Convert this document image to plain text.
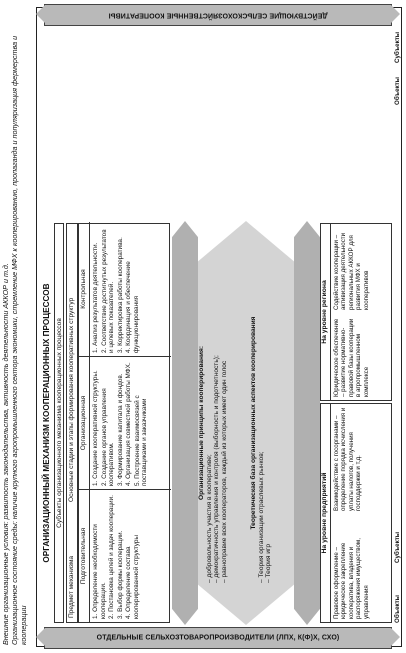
Внешние организационные условия: развитость законодательства, активность деятельности АККОР и т.д. Организационное состояние среды: наличие крупного агропромышленного сектора экономики, стремление МФХ к кооперированию, пропаганда и популяризация фермерства и кооперации	ОТДЕЛЬНЫЕ СЕЛЬХОЗТОВАРОПРОИЗВОДИТЕЛИ (ЛПХ, К(Ф)Х, СХО)
ДЕЙСТВУЮЩИЕ СЕЛЬСКОХОЗЯЙСТВЕННЫЕ КООПЕРАТИВЫ
ОРГАНИЗАЦИОННЫЙ МЕХАНИЗМ КООПЕРАЦИОННЫХ ПРОЦЕССОВ Субъекты организационного механизма кооперационных процессов
Предмет механизма
Основные стадии и этапы формирования кооперативных структур
Подготовительная 1. Определение необходимости кооперации. 2. Постановка целей и задач кооперации. 3. Выбор формы кооперации. 4. Определение состава кооперированной структуры
Организационная 1. Создание кооперативной структуры. 2. Создание органов управления кооперативом. 3. Формирование капитала и фондов. 4. Организация совместной работы МФХ. 5. Построение взаимосвязей с поставщиками и заказчиками
Контрольная 1. Анализ результатов деятельности. 2. Соответствие достигнутых результатов и целевых показателей. 3. Корректировка работы кооператива. 4. Координация и обеспечение функционирования
Организационные принципы кооперирования:
– добровольность участия в кооперативе; – демократичность управления и контроля (выборность и подотчетность); – равноправие всех кооператоров, каждый из которых имеет один голос	Теоретическая база организационных аспектов кооперирования – Теория организации отраслевых рынков; – Теория игр
На уровне предприятий
Правовое оформление – юридическое закрепление кооператива, владения и распоряжения имуществом, управления
Взаимодействие с госорганами – определение порядка исчисления и уплаты налогов, получения господдержки и т.д.
На уровне региона
Юридическое обеспечение – развитие нормативно-правовой базы кооперации в агропромышленном комплексе
Содействие кооперации – активизация деятельности региональных АККОР для развития МФХ и кооперативов
Объекты
Субъекты
Объекты
Субъекты
